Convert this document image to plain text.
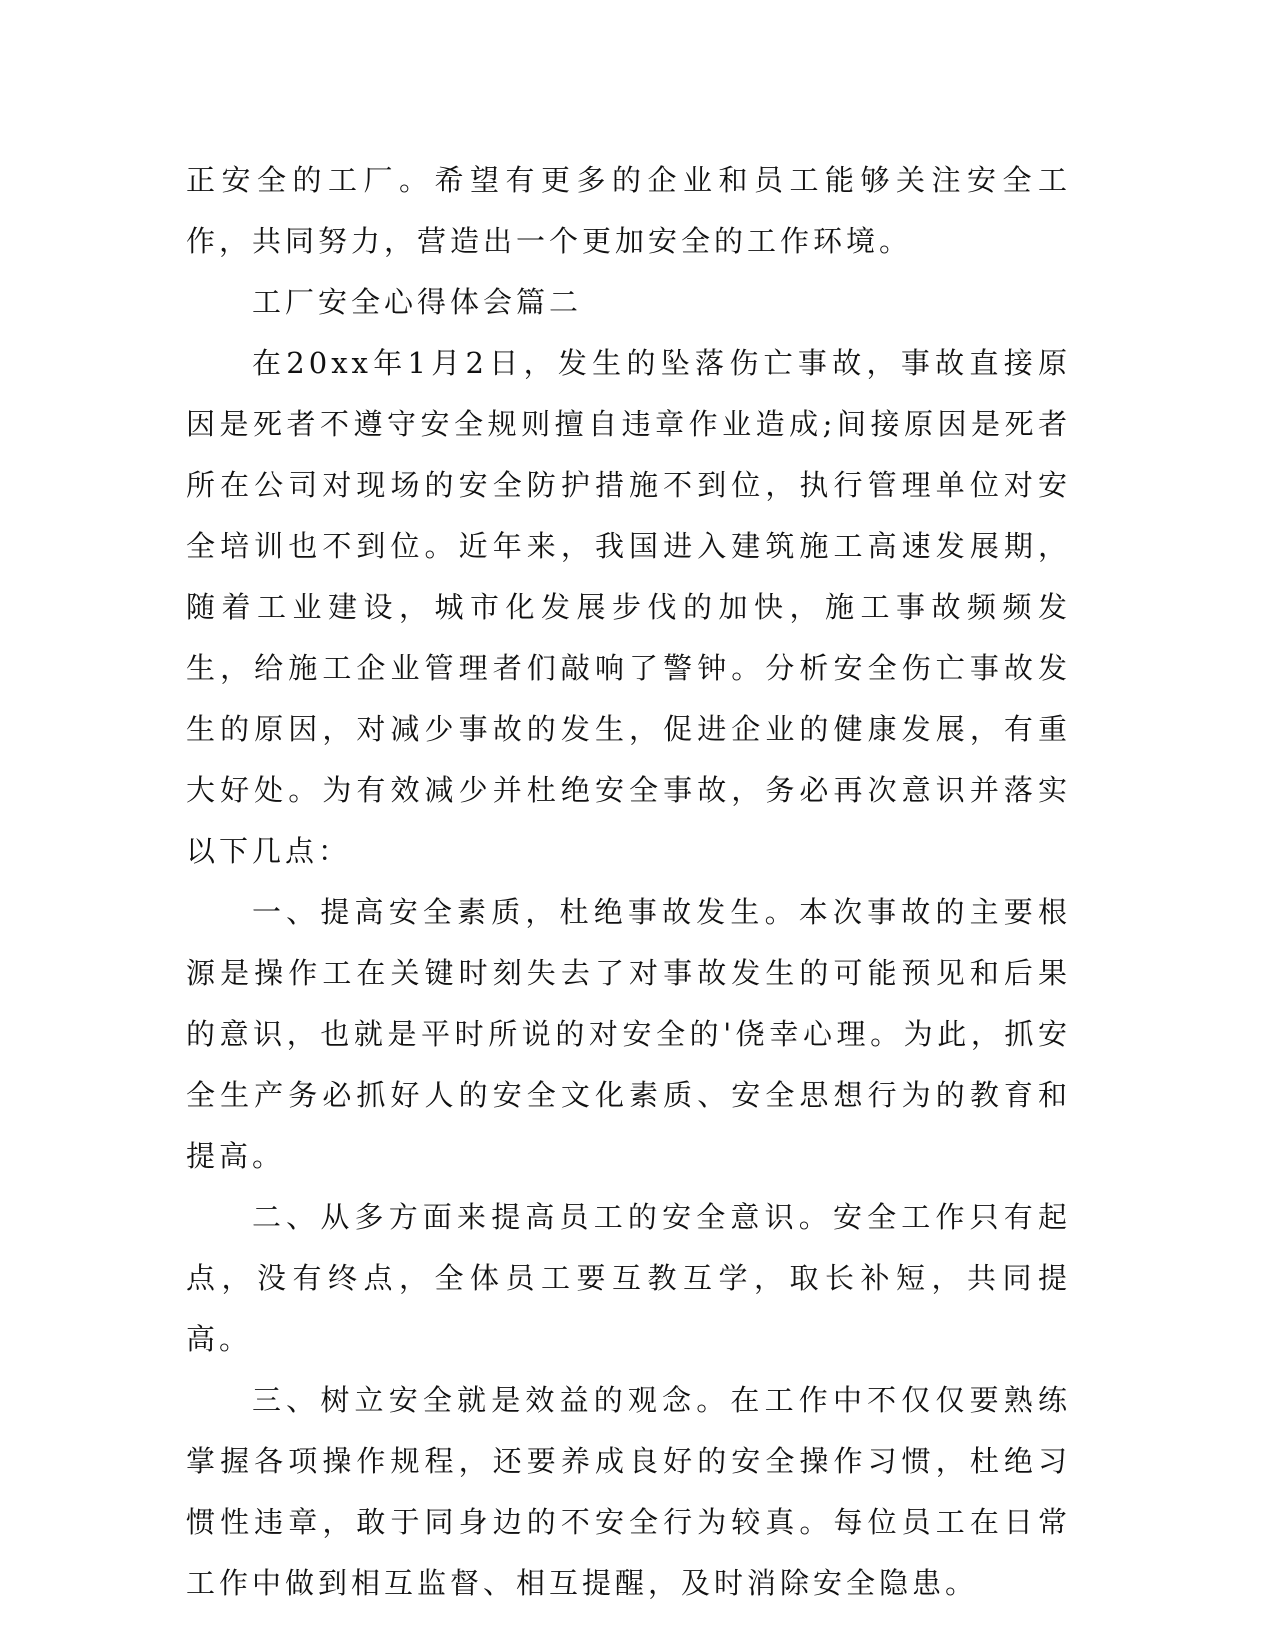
正安全的工厂。希望有更多的企业和员工能够关注安全工作，共同努力，营造出一个更加安全的工作环境。

工厂安全心得体会篇二

在20xx年1月2日，发生的坠落伤亡事故，事故直接原因是死者不遵守安全规则擅自违章作业造成;间接原因是死者所在公司对现场的安全防护措施不到位，执行管理单位对安全培训也不到位。近年来，我国进入建筑施工高速发展期，随着工业建设，城市化发展步伐的加快，施工事故频频发生，给施工企业管理者们敲响了警钟。分析安全伤亡事故发生的原因，对减少事故的发生，促进企业的健康发展，有重大好处。为有效减少并杜绝安全事故，务必再次意识并落实以下几点：

一、提高安全素质，杜绝事故发生。本次事故的主要根源是操作工在关键时刻失去了对事故发生的可能预见和后果的意识，也就是平时所说的对安全的'侥幸心理。为此，抓安全生产务必抓好人的安全文化素质、安全思想行为的教育和提高。

二、从多方面来提高员工的安全意识。安全工作只有起点，没有终点，全体员工要互教互学，取长补短，共同提高。

三、树立安全就是效益的观念。在工作中不仅仅要熟练掌握各项操作规程，还要养成良好的安全操作习惯，杜绝习惯性违章，敢于同身边的不安全行为较真。每位员工在日常工作中做到相互监督、相互提醒，及时消除安全隐患。
